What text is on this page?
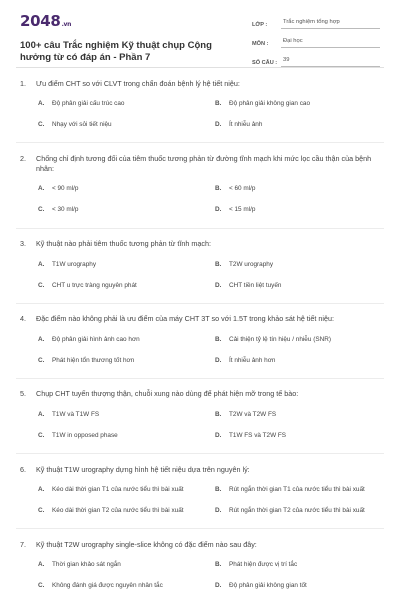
2048.vn
100+ câu Trắc nghiệm Kỹ thuật chụp Cộng hưởng từ có đáp án - Phần 7
LỚP :	Trắc nghiệm tổng hợp
MÔN :	Đại học
SỐ CÂU :	39
1.	Ưu điểm CHT so với CLVT trong chẩn đoán bệnh lý hệ tiết niệu:
A.	Độ phân giải cấu trúc cao	B.	Độ phân giải không gian cao
C.	Nhạy với sỏi tiết niệu	D.	Ít nhiễu ảnh
2.	Chống chỉ định tương đối của tiêm thuốc tương phản từ đường tĩnh mạch khi mức lọc cầu thận của bệnh nhân:
A.	< 90 ml/p	B.	< 60 ml/p
C.	< 30 ml/p	D.	< 15 ml/p
3.	Kỹ thuật nào phải tiêm thuốc tương phản từ tĩnh mạch:
A.	T1W urography	B.	T2W urography
C.	CHT u trực tràng nguyên phát	D.	CHT tiền liệt tuyến
4.	Đặc điểm nào không phải là ưu điểm của máy CHT 3T so với 1.5T trong khảo sát hệ tiết niệu:
A.	Độ phân giải hình ảnh cao hơn	B.	Cải thiện tỷ lệ tín hiệu / nhiễu (SNR)
C.	Phát hiện tổn thương tốt hơn	D.	Ít nhiễu ảnh hơn
5.	Chụp CHT tuyến thượng thận, chuỗi xung nào dùng để phát hiện mỡ trong tế bào:
A.	T1W và T1W FS	B.	T2W và T2W FS
C.	T1W in opposed phase	D.	T1W FS và T2W FS
6.	Kỹ thuật T1W urography dựng hình hệ tiết niệu dựa trên nguyên lý:
A.	Kéo dài thời gian T1 của nước tiểu thì bài xuất	B.	Rút ngắn thời gian T1 của nước tiểu thì bài xuất
C.	Kéo dài thời gian T2 của nước tiểu thì bài xuất	D.	Rút ngắn thời gian T2 của nước tiểu thì bài xuất
7.	Kỹ thuật T2W urography single-slice không có đặc điểm nào sau đây:
A.	Thời gian khảo sát ngắn	B.	Phát hiện được vị trí tắc
C.	Không đánh giá được nguyên nhân tắc	D.	Độ phân giải không gian tốt
